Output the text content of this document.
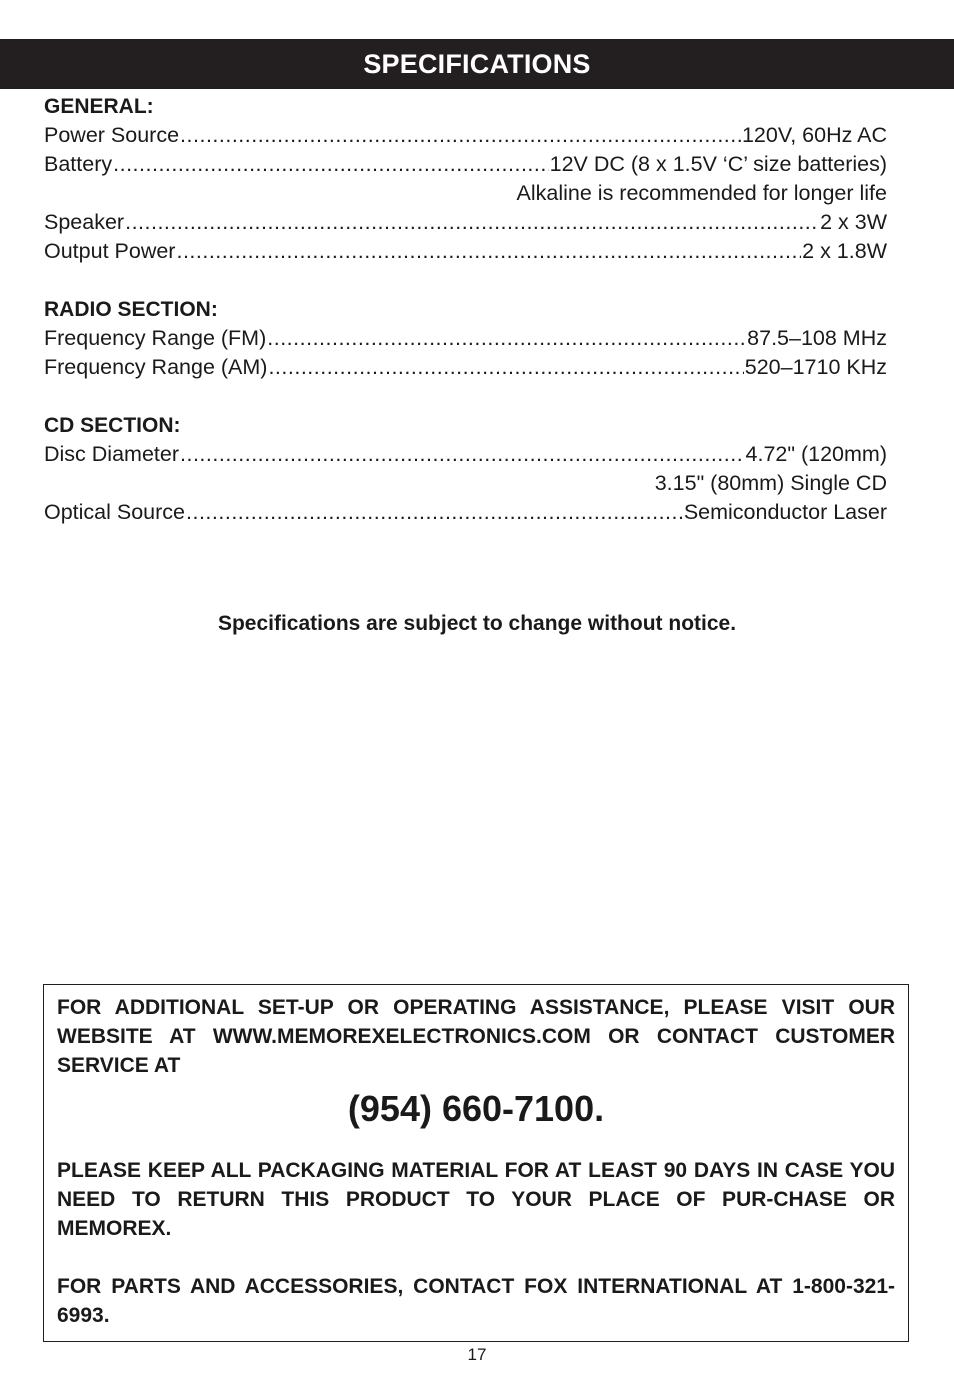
SPECIFICATIONS
GENERAL:
Power Source .....	120V, 60Hz AC
Battery .....	12V DC (8 x 1.5V ‘C’ size batteries)
Alkaline is recommended for longer life
Speaker .....	2 x 3W
Output Power .....	2 x 1.8W
RADIO SECTION:
Frequency Range (FM) .....	87.5–108 MHz
Frequency Range (AM) .....	520–1710 KHz
CD SECTION:
Disc Diameter .....	4.72" (120mm)
3.15" (80mm) Single CD
Optical Source .....	Semiconductor Laser
Specifications are subject to change without notice.

FOR ADDITIONAL SET-UP OR OPERATING ASSISTANCE, PLEASE VISIT OUR WEBSITE AT WWW.MEMOREXELECTRONICS.COM OR CONTACT CUSTOMER SERVICE AT

(954) 660-7100.

PLEASE KEEP ALL PACKAGING MATERIAL FOR AT LEAST 90 DAYS IN CASE YOU NEED TO RETURN THIS PRODUCT TO YOUR PLACE OF PUR-CHASE OR MEMOREX.

FOR PARTS AND ACCESSORIES, CONTACT FOX INTERNATIONAL AT 1-800-321-6993.

17
